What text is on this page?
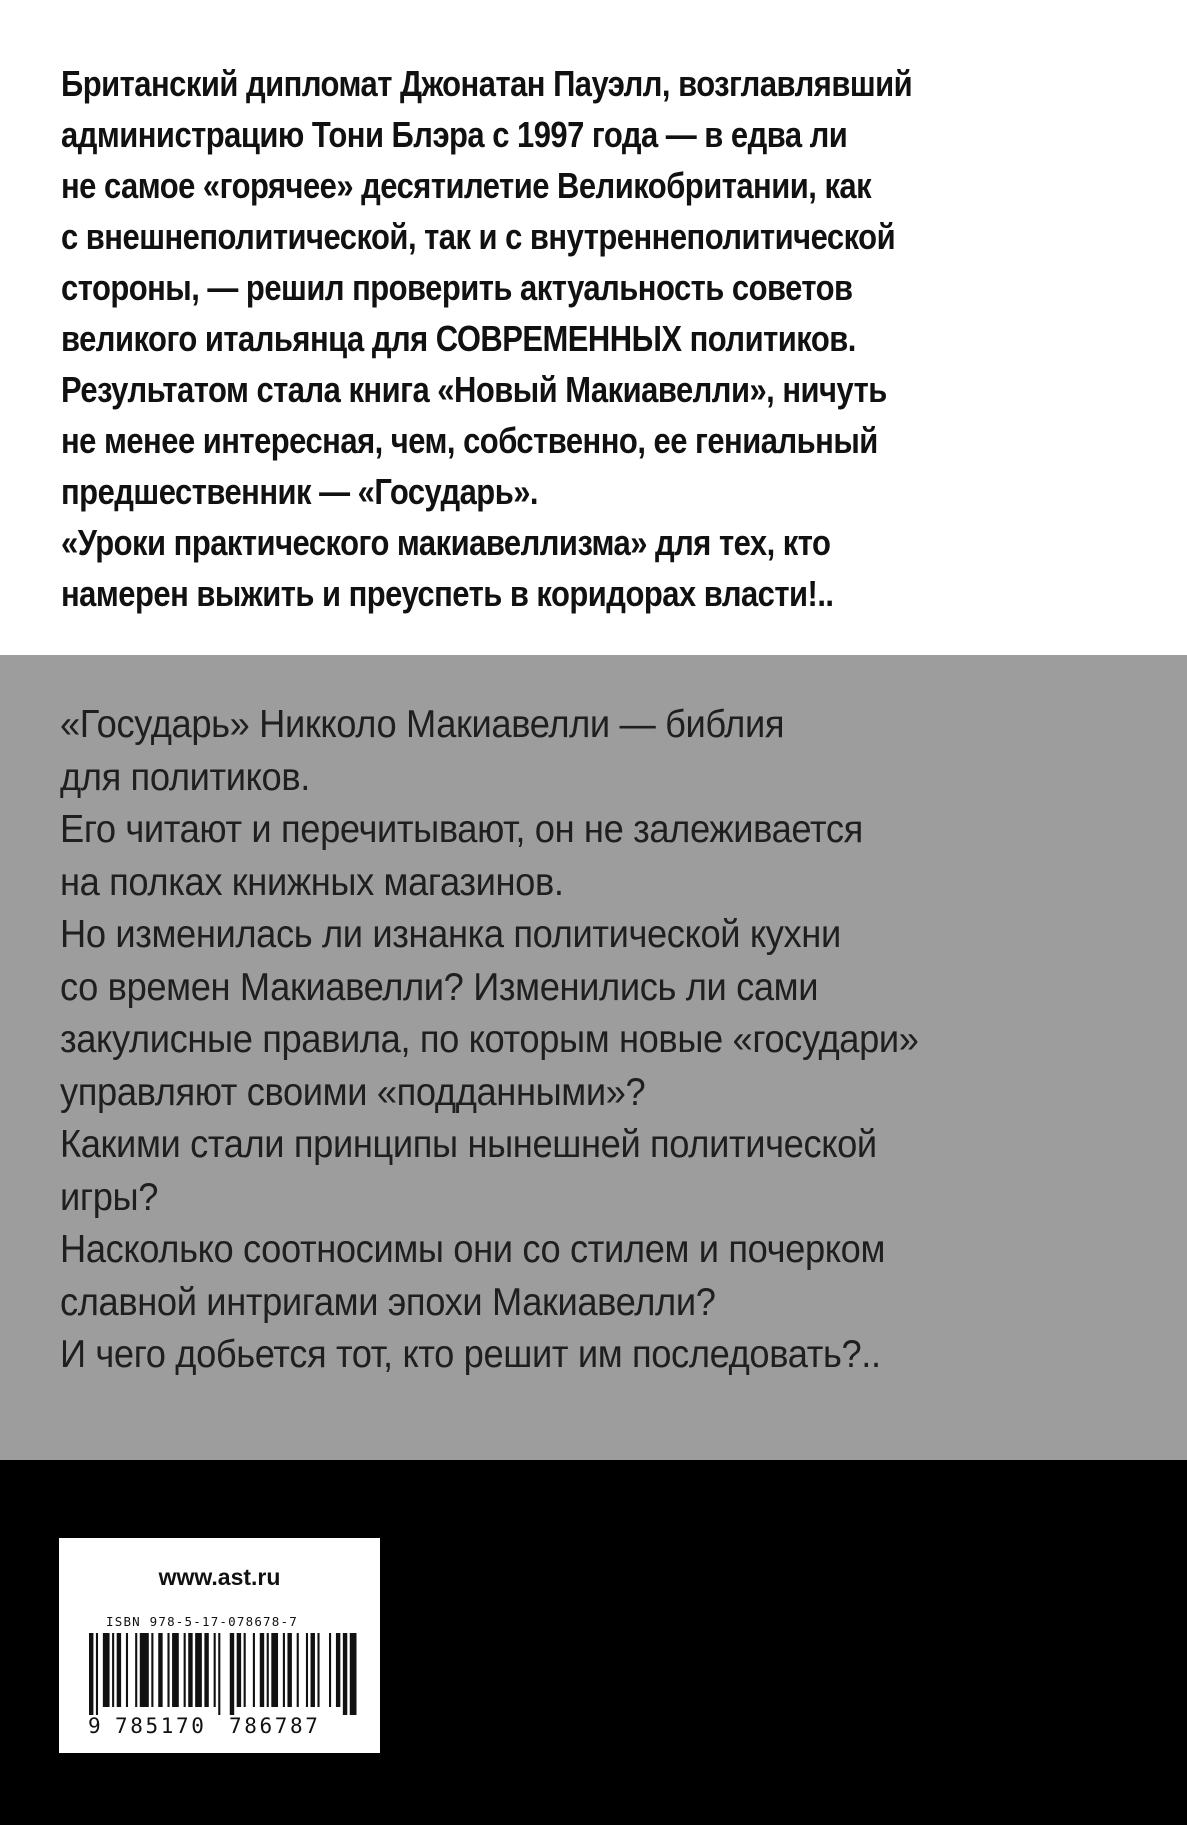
Британский дипломат Джонатан Пауэлл, возглавлявший
администрацию Тони Блэра с 1997 года — в едва ли
не самое «горячее» десятилетие Великобритании, как
с внешнеполитической, так и с внутреннеполитической
стороны, — решил проверить актуальность советов
великого итальянца для СОВРЕМЕННЫХ политиков.
Результатом стала книга «Новый Макиавелли», ничуть
не менее интересная, чем, собственно, ее гениальный
предшественник — «Государь».
«Уроки практического макиавеллизма» для тех, кто
намерен выжить и преуспеть в коридорах власти!..
«Государь» Никколо Макиавелли — библия
для политиков.
Его читают и перечитывают, он не залеживается
на полках книжных магазинов.
Но изменилась ли изнанка политической кухни
со времен Макиавелли? Изменились ли сами
закулисные правила, по которым новые «государи»
управляют своими «подданными»?
Какими стали принципы нынешней политической
игры?
Насколько соотносимы они со стилем и почерком
славной интригами эпохи Макиавелли?
И чего добьется тот, кто решит им последовать?..
www.ast.ru
ISBN 978-5-17-078678-7
9 785170 786787
